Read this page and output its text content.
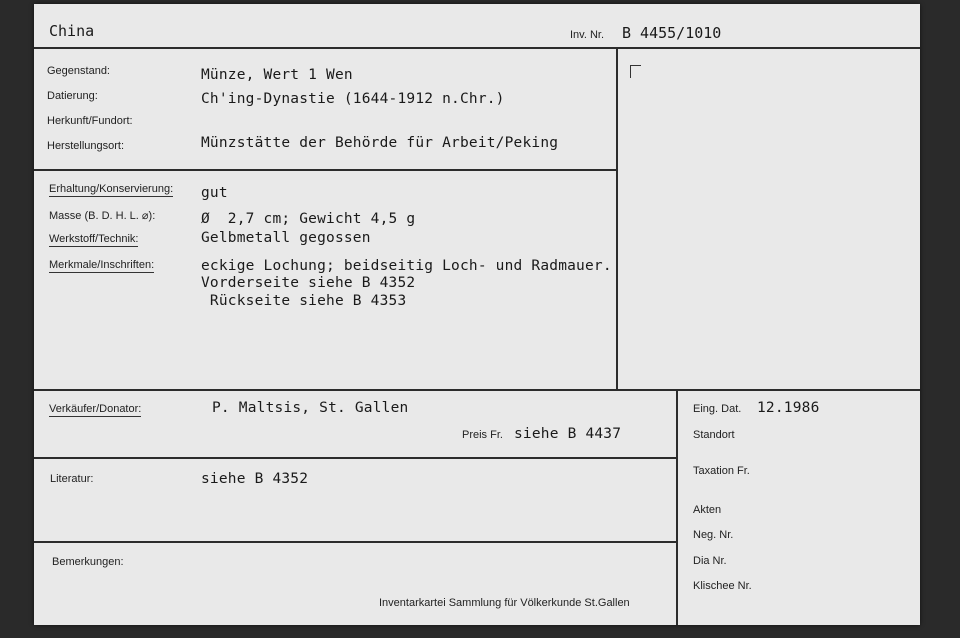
China	Inv. Nr. B 4455/1010
Gegenstand:	Münze, Wert 1 Wen
Datierung:	Ch'ing-Dynastie (1644-1912 n.Chr.)
Herkunft/Fundort:
Herstellungsort:	Münzstätte der Behörde für Arbeit/Peking
Erhaltung/Konservierung: gut
Masse (B. D. H. L. ⌀):	Ø  2,7 cm; Gewicht 4,5 g
Werkstoff/Technik:	Gelbmetall gegossen
Merkmale/Inschriften:	eckige Lochung; beidseitig Loch- und Radmauer.
Vorderseite siehe B 4352
Rückseite siehe B 4353
Verkäufer/Donator:	P. Maltsis, St. Gallen
Preis Fr. siehe B 4437
Literatur:	siehe B 4352
Bemerkungen:
Inventarkartei Sammlung für Völkerkunde St.Gallen
Eing. Dat. 12.1986
Standort
Taxation Fr.
Akten
Neg. Nr.
Dia Nr.
Klischee Nr.
